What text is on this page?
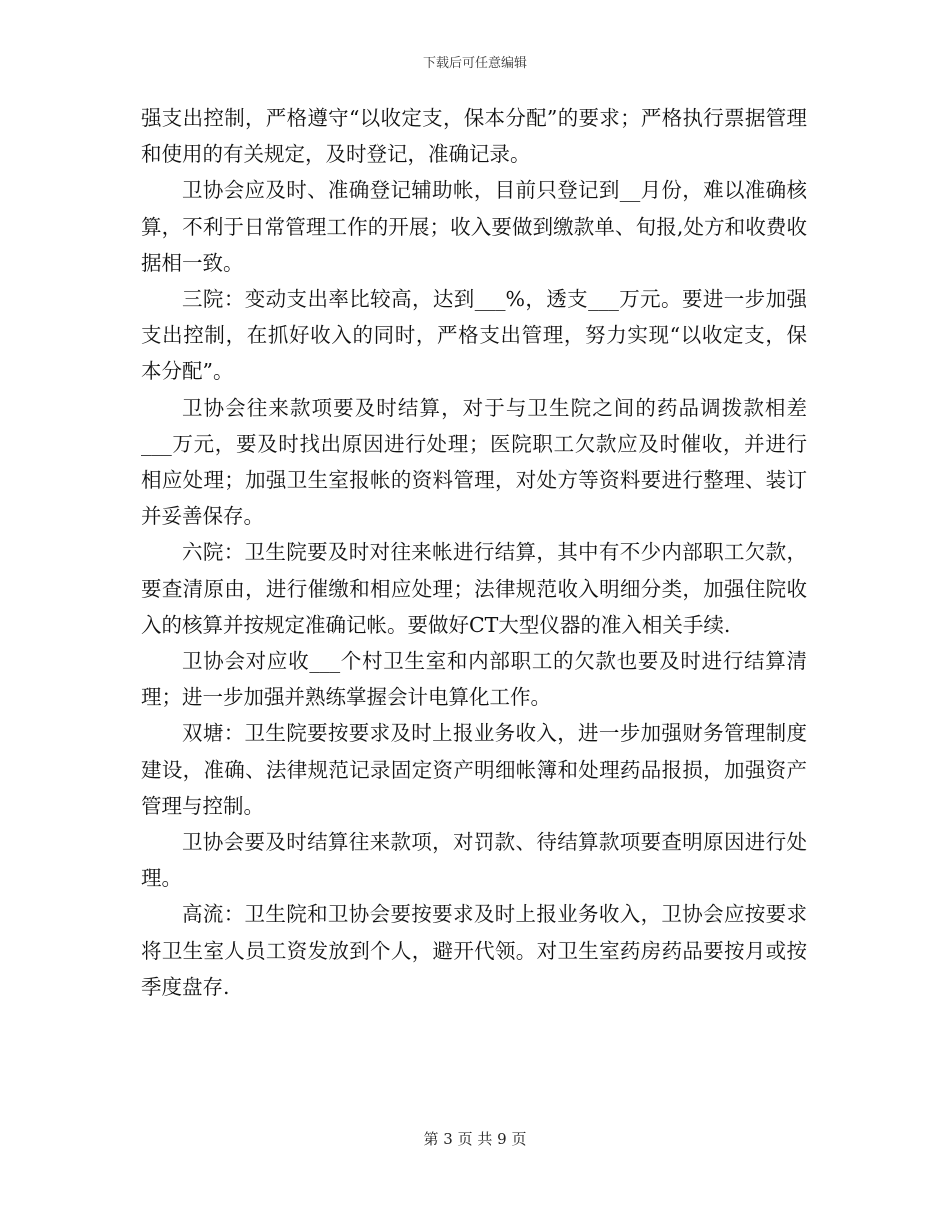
下载后可任意编辑

强支出控制，严格遵守“以收定支，保本分配”的要求；严格执行票据管理和使用的有关规定，及时登记，准确记录。

卫协会应及时、准确登记辅助帐，目前只登记到__月份，难以准确核算，不利于日常管理工作的开展；收入要做到缴款单、旬报,处方和收费收据相一致。

三院：变动支出率比较高，达到___%，透支___万元。要进一步加强支出控制，在抓好收入的同时，严格支出管理，努力实现“以收定支，保本分配”。

卫协会往来款项要及时结算，对于与卫生院之间的药品调拨款相差___万元，要及时找出原因进行处理；医院职工欠款应及时催收，并进行相应处理；加强卫生室报帐的资料管理，对处方等资料要进行整理、装订并妥善保存。

六院：卫生院要及时对往来帐进行结算，其中有不少内部职工欠款，要查清原由，进行催缴和相应处理；法律规范收入明细分类，加强住院收入的核算并按规定准确记帐。要做好CT大型仪器的准入相关手续.

卫协会对应收___个村卫生室和内部职工的欠款也要及时进行结算清理；进一步加强并熟练掌握会计电算化工作。

双塘：卫生院要按要求及时上报业务收入，进一步加强财务管理制度建设，准确、法律规范记录固定资产明细帐簿和处理药品报损，加强资产管理与控制。

卫协会要及时结算往来款项，对罚款、待结算款项要查明原因进行处理。

高流：卫生院和卫协会要按要求及时上报业务收入，卫协会应按要求将卫生室人员工资发放到个人，避开代领。对卫生室药房药品要按月或按季度盘存.

第 3 页 共 9 页
